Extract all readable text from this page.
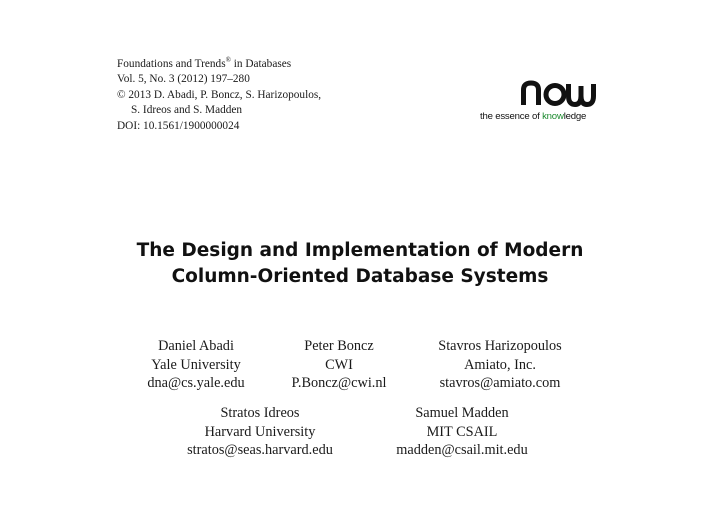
Foundations and Trends® in Databases
Vol. 5, No. 3 (2012) 197–280
© 2013 D. Abadi, P. Boncz, S. Harizopoulos,
S. Idreos and S. Madden
DOI: 10.1561/1900000024
the essence of knowledge
The Design and Implementation of Modern
Column-Oriented Database Systems
Daniel Abadi
Yale University
dna@cs.yale.edu
Peter Boncz
CWI
P.Boncz@cwi.nl
Stavros Harizopoulos
Amiato, Inc.
stavros@amiato.com
Stratos Idreos
Harvard University
stratos@seas.harvard.edu
Samuel Madden
MIT CSAIL
madden@csail.mit.edu
